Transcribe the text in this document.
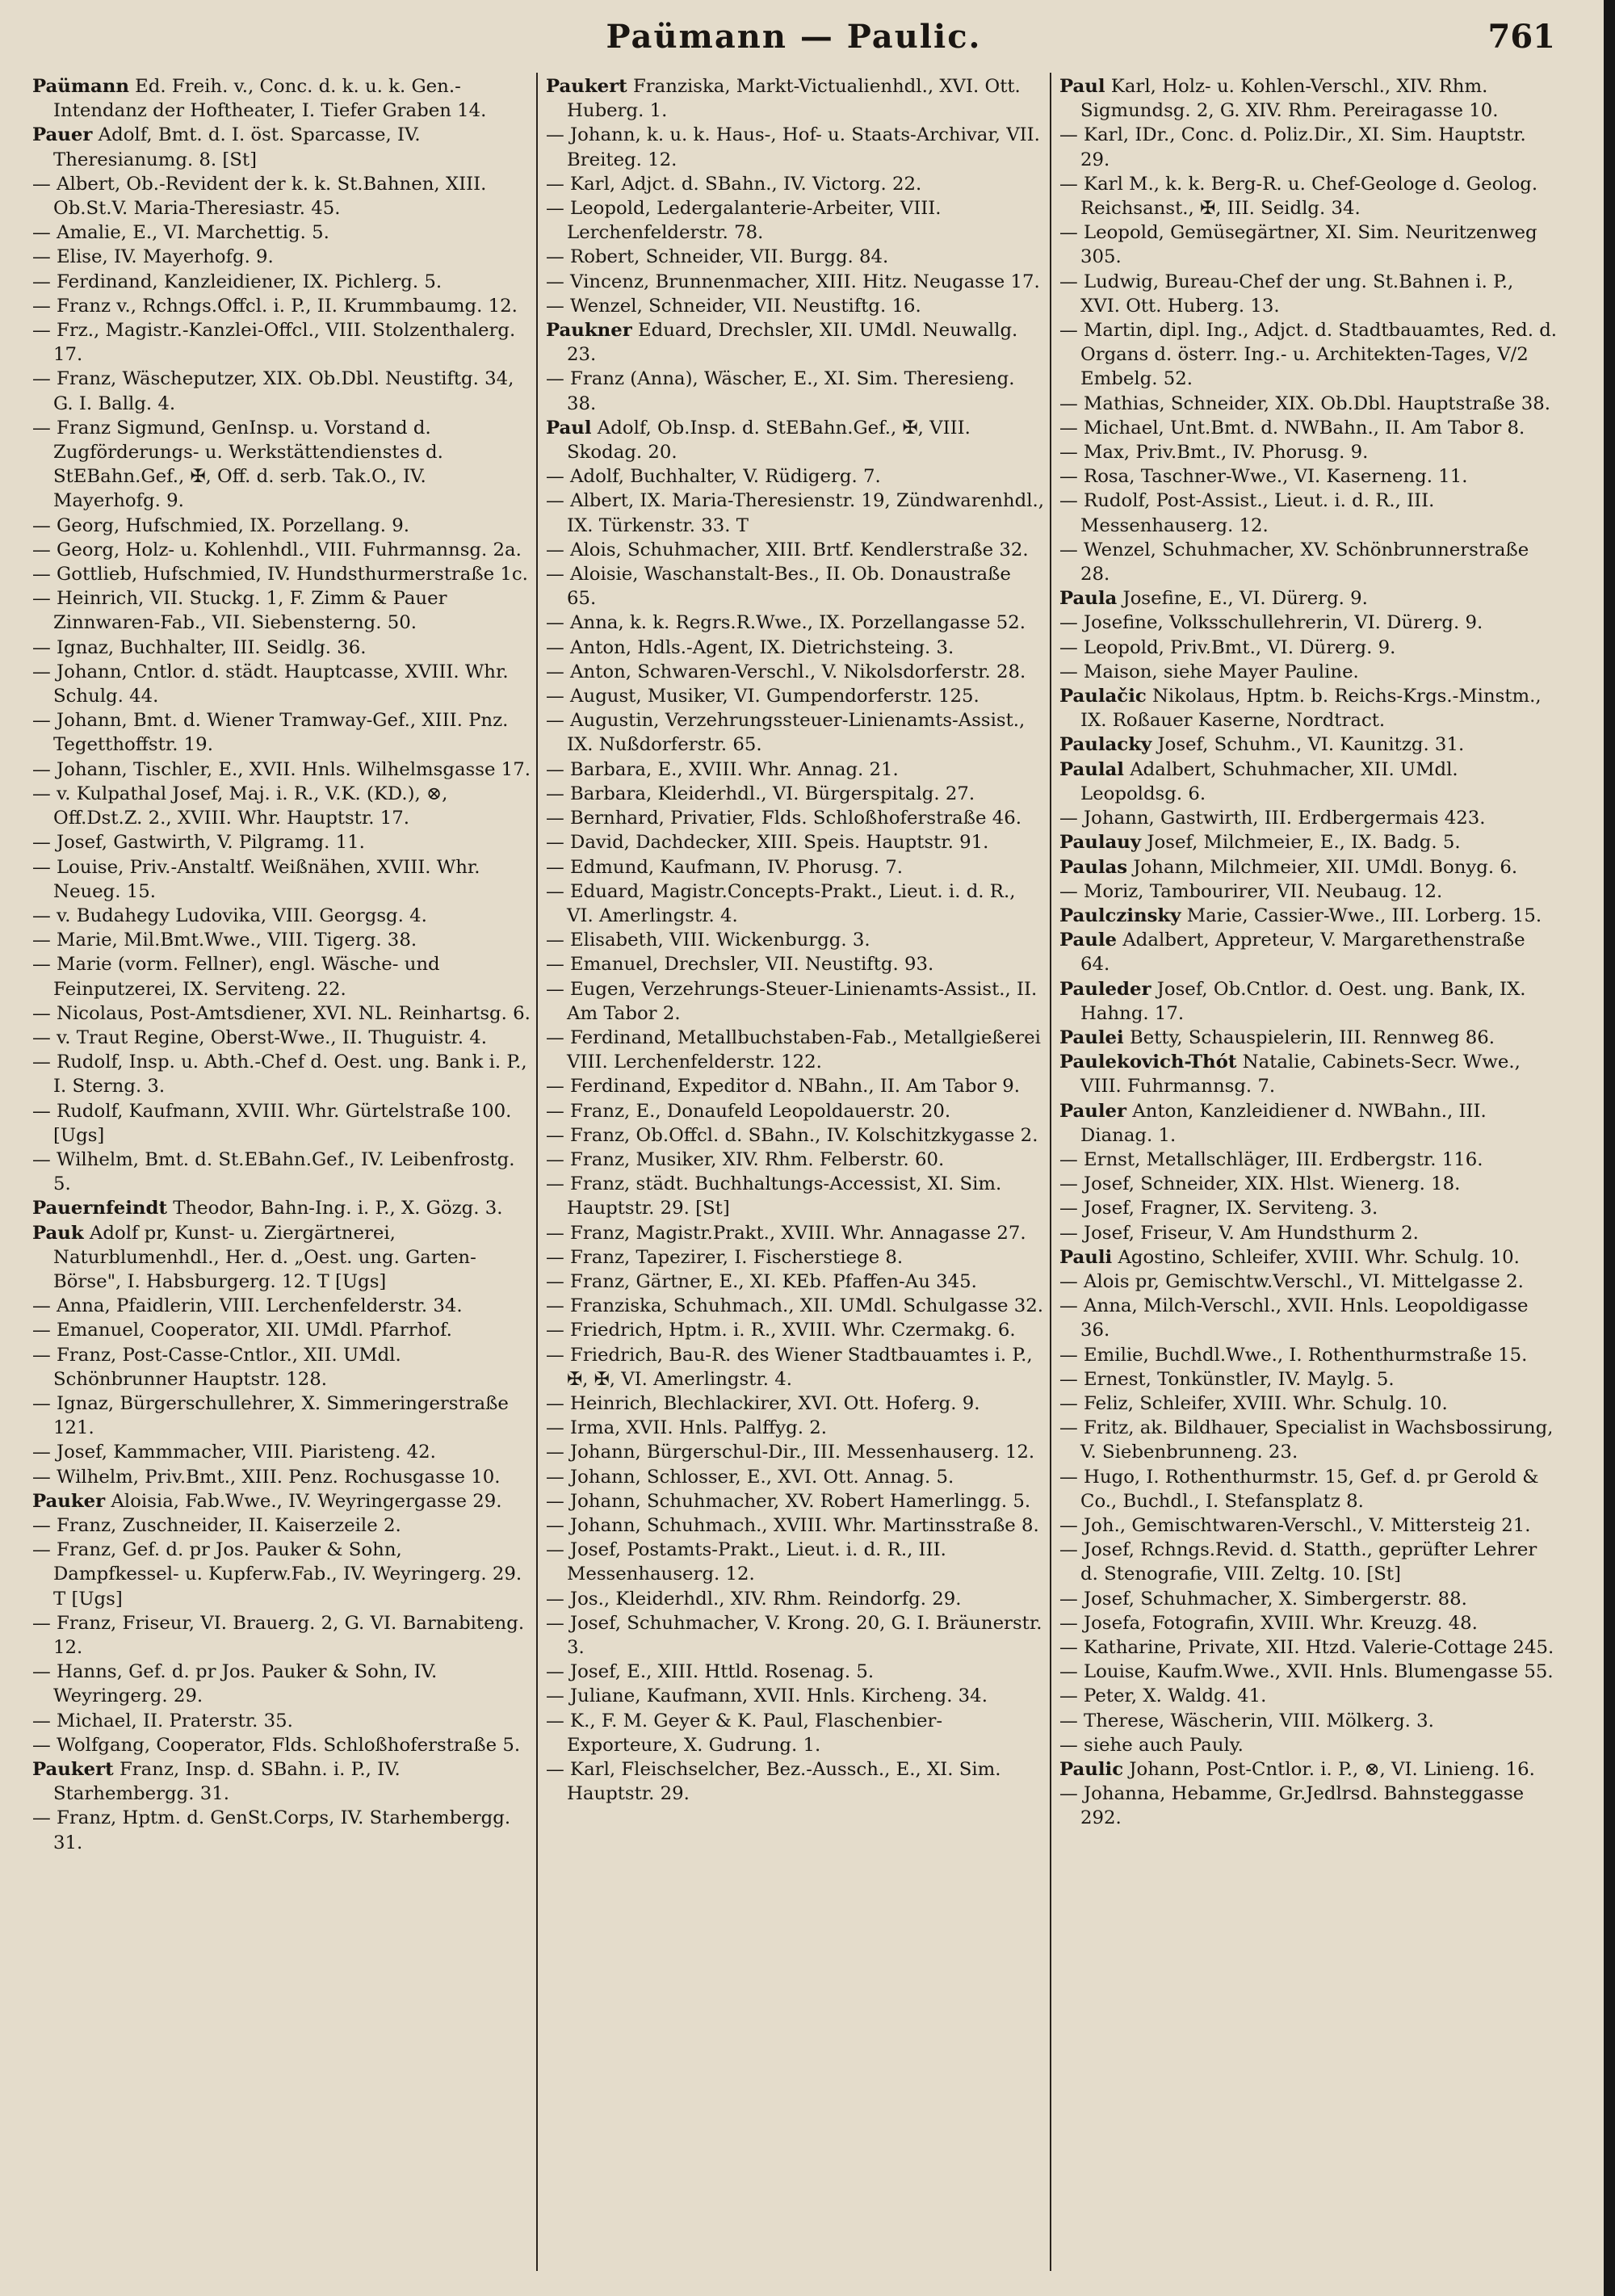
Paümann — Paulic.	761

Paümann Ed. Freih. v., Conc. d. k. u. k. Gen.-Intendanz der Hoftheater, I. Tiefer Graben 14.

Pauer Adolf, Bmt. d. I. öst. Sparcasse, IV. Theresianumg. 8. [St]

— Albert, Ob.-Revident der k. k. St.Bahnen, XIII. Ob.St.V. Maria-Theresiastr. 45.

— Amalie, E., VI. Marchettig. 5.

— Elise, IV. Mayerhofg. 9.

— Ferdinand, Kanzleidiener, IX. Pichlerg. 5.

— Franz v., Rchngs.Offcl. i. P., II. Krummbaumg. 12.

— Frz., Magistr.-Kanzlei-Offcl., VIII. Stolzenthalerg. 17.

— Franz, Wäscheputzer, XIX. Ob.Dbl. Neustiftg. 34, G. I. Ballg. 4.

— Franz Sigmund, GenInsp. u. Vorstand d. Zugförderungs- u. Werkstättendienstes d. StEBahn.Gef., ✠, Off. d. serb. Tak.O., IV. Mayerhofg. 9.

— Georg, Hufschmied, IX. Porzellang. 9.

— Georg, Holz- u. Kohlenhdl., VIII. Fuhrmannsg. 2a.

— Gottlieb, Hufschmied, IV. Hundsthurmerstraße 1c.

— Heinrich, VII. Stuckg. 1, F. Zimm & Pauer Zinnwaren-Fab., VII. Siebensterng. 50.

— Ignaz, Buchhalter, III. Seidlg. 36.

— Johann, Cntlor. d. städt. Hauptcasse, XVIII. Whr. Schulg. 44.

— Johann, Bmt. d. Wiener Tramway-Gef., XIII. Pnz. Tegetthoffstr. 19.

— Johann, Tischler, E., XVII. Hnls. Wilhelmsgasse 17.

— v. Kulpathal Josef, Maj. i. R., V.K. (KD.), ⊗, Off.Dst.Z. 2., XVIII. Whr. Hauptstr. 17.

— Josef, Gastwirth, V. Pilgramg. 11.

— Louise, Priv.-Anstaltf. Weißnähen, XVIII. Whr. Neueg. 15.

— v. Budahegy Ludovika, VIII. Georgsg. 4.

— Marie, Mil.Bmt.Wwe., VIII. Tigerg. 38.

— Marie (vorm. Fellner), engl. Wäsche- und Feinputzerei, IX. Serviteng. 22.

— Nicolaus, Post-Amtsdiener, XVI. NL. Reinhartsg. 6.

— v. Traut Regine, Oberst-Wwe., II. Thuguistr. 4.

— Rudolf, Insp. u. Abth.-Chef d. Oest. ung. Bank i. P., I. Sterng. 3.

— Rudolf, Kaufmann, XVIII. Whr. Gürtelstraße 100. [Ugs]

— Wilhelm, Bmt. d. St.EBahn.Gef., IV. Leibenfrostg. 5.

Pauernfeindt Theodor, Bahn-Ing. i. P., X. Gözg. 3.

Pauk Adolf pr, Kunst- u. Ziergärtnerei, Naturblumenhdl., Her. d. „Oest. ung. Garten-Börse", I. Habsburgerg. 12. T [Ugs]

— Anna, Pfaidlerin, VIII. Lerchenfelderstr. 34.

— Emanuel, Cooperator, XII. UMdl. Pfarrhof.

— Franz, Post-Casse-Cntlor., XII. UMdl. Schönbrunner Hauptstr. 128.

— Ignaz, Bürgerschullehrer, X. Simmeringerstraße 121.

— Josef, Kammmacher, VIII. Piaristeng. 42.

— Wilhelm, Priv.Bmt., XIII. Penz. Rochusgasse 10.

Pauker Aloisia, Fab.Wwe., IV. Weyringergasse 29.

— Franz, Zuschneider, II. Kaiserzeile 2.

— Franz, Gef. d. pr Jos. Pauker & Sohn, Dampfkessel- u. Kupferw.Fab., IV. Weyringerg. 29. T [Ugs]

— Franz, Friseur, VI. Brauerg. 2, G. VI. Barnabiteng. 12.

— Hanns, Gef. d. pr Jos. Pauker & Sohn, IV. Weyringerg. 29.

— Michael, II. Praterstr. 35.

— Wolfgang, Cooperator, Flds. Schloßhoferstraße 5.

Paukert Franz, Insp. d. SBahn. i. P., IV. Starhembergg. 31.

— Franz, Hptm. d. GenSt.Corps, IV. Starhembergg. 31.

Paukert Franziska, Markt-Victualienhdl., XVI. Ott. Huberg. 1.

— Johann, k. u. k. Haus-, Hof- u. Staats-Archivar, VII. Breiteg. 12.

— Karl, Adjct. d. SBahn., IV. Victorg. 22.

— Leopold, Ledergalanterie-Arbeiter, VIII. Lerchenfelderstr. 78.

— Robert, Schneider, VII. Burgg. 84.

— Vincenz, Brunnenmacher, XIII. Hitz. Neugasse 17.

— Wenzel, Schneider, VII. Neustiftg. 16.

Paukner Eduard, Drechsler, XII. UMdl. Neuwallg. 23.

— Franz (Anna), Wäscher, E., XI. Sim. Theresieng. 38.

Paul Adolf, Ob.Insp. d. StEBahn.Gef., ✠, VIII. Skodag. 20.

— Adolf, Buchhalter, V. Rüdigerg. 7.

— Albert, IX. Maria-Theresienstr. 19, Zündwarenhdl., IX. Türkenstr. 33. T

— Alois, Schuhmacher, XIII. Brtf. Kendlerstraße 32.

— Aloisie, Waschanstalt-Bes., II. Ob. Donaustraße 65.

— Anna, k. k. Regrs.R.Wwe., IX. Porzellangasse 52.

— Anton, Hdls.-Agent, IX. Dietrichsteing. 3.

— Anton, Schwaren-Verschl., V. Nikolsdorferstr. 28.

— August, Musiker, VI. Gumpendorferstr. 125.

— Augustin, Verzehrungssteuer-Linienamts-Assist., IX. Nußdorferstr. 65.

— Barbara, E., XVIII. Whr. Annag. 21.

— Barbara, Kleiderhdl., VI. Bürgerspitalg. 27.

— Bernhard, Privatier, Flds. Schloßhoferstraße 46.

— David, Dachdecker, XIII. Speis. Hauptstr. 91.

— Edmund, Kaufmann, IV. Phorusg. 7.

— Eduard, Magistr.Concepts-Prakt., Lieut. i. d. R., VI. Amerlingstr. 4.

— Elisabeth, VIII. Wickenburgg. 3.

— Emanuel, Drechsler, VII. Neustiftg. 93.

— Eugen, Verzehrungs-Steuer-Linienamts-Assist., II. Am Tabor 2.

— Ferdinand, Metallbuchstaben-Fab., Metallgießerei VIII. Lerchenfelderstr. 122.

— Ferdinand, Expeditor d. NBahn., II. Am Tabor 9.

— Franz, E., Donaufeld Leopoldauerstr. 20.

— Franz, Ob.Offcl. d. SBahn., IV. Kolschitzkygasse 2.

— Franz, Musiker, XIV. Rhm. Felberstr. 60.

— Franz, städt. Buchhaltungs-Accessist, XI. Sim. Hauptstr. 29. [St]

— Franz, Magistr.Prakt., XVIII. Whr. Annagasse 27.

— Franz, Tapezirer, I. Fischerstiege 8.

— Franz, Gärtner, E., XI. KEb. Pfaffen-Au 345.

— Franziska, Schuhmach., XII. UMdl. Schulgasse 32.

— Friedrich, Hptm. i. R., XVIII. Whr. Czermakg. 6.

— Friedrich, Bau-R. des Wiener Stadtbauamtes i. P., ✠, ✠, VI. Amerlingstr. 4.

— Heinrich, Blechlackirer, XVI. Ott. Hoferg. 9.

— Irma, XVII. Hnls. Palffyg. 2.

— Johann, Bürgerschul-Dir., III. Messenhauserg. 12.

— Johann, Schlosser, E., XVI. Ott. Annag. 5.

— Johann, Schuhmacher, XV. Robert Hamerlingg. 5.

— Johann, Schuhmach., XVIII. Whr. Martinsstraße 8.

— Josef, Postamts-Prakt., Lieut. i. d. R., III. Messenhauserg. 12.

— Jos., Kleiderhdl., XIV. Rhm. Reindorfg. 29.

— Josef, Schuhmacher, V. Krong. 20, G. I. Bräunerstr. 3.

— Josef, E., XIII. Httld. Rosenag. 5.

— Juliane, Kaufmann, XVII. Hnls. Kircheng. 34.

— K., F. M. Geyer & K. Paul, Flaschenbier-Exporteure, X. Gudrung. 1.

— Karl, Fleischselcher, Bez.-Aussch., E., XI. Sim. Hauptstr. 29.

Paul Karl, Holz- u. Kohlen-Verschl., XIV. Rhm. Sigmundsg. 2, G. XIV. Rhm. Pereiragasse 10.

— Karl, IDr., Conc. d. Poliz.Dir., XI. Sim. Hauptstr. 29.

— Karl M., k. k. Berg-R. u. Chef-Geologe d. Geolog. Reichsanst., ✠, III. Seidlg. 34.

— Leopold, Gemüsegärtner, XI. Sim. Neuritzenweg 305.

— Ludwig, Bureau-Chef der ung. St.Bahnen i. P., XVI. Ott. Huberg. 13.

— Martin, dipl. Ing., Adjct. d. Stadtbauamtes, Red. d. Organs d. österr. Ing.- u. Architekten-Tages, V/2 Embelg. 52.

— Mathias, Schneider, XIX. Ob.Dbl. Hauptstraße 38.

— Michael, Unt.Bmt. d. NWBahn., II. Am Tabor 8.

— Max, Priv.Bmt., IV. Phorusg. 9.

— Rosa, Taschner-Wwe., VI. Kaserneng. 11.

— Rudolf, Post-Assist., Lieut. i. d. R., III. Messenhauserg. 12.

— Wenzel, Schuhmacher, XV. Schönbrunnerstraße 28.

Paula Josefine, E., VI. Dürerg. 9.

— Josefine, Volksschullehrerin, VI. Dürerg. 9.

— Leopold, Priv.Bmt., VI. Dürerg. 9.

— Maison, siehe Mayer Pauline.

Paulačic Nikolaus, Hptm. b. Reichs-Krgs.-Minstm., IX. Roßauer Kaserne, Nordtract.

Paulacky Josef, Schuhm., VI. Kaunitzg. 31.

Paulal Adalbert, Schuhmacher, XII. UMdl. Leopoldsg. 6.

— Johann, Gastwirth, III. Erdbergermais 423.

Paulauy Josef, Milchmeier, E., IX. Badg. 5.

Paulas Johann, Milchmeier, XII. UMdl. Bonyg. 6.

— Moriz, Tambourirer, VII. Neubaug. 12.

Paulczinsky Marie, Cassier-Wwe., III. Lorberg. 15.

Paule Adalbert, Appreteur, V. Margarethenstraße 64.

Pauleder Josef, Ob.Cntlor. d. Oest. ung. Bank, IX. Hahng. 17.

Paulei Betty, Schauspielerin, III. Rennweg 86.

Paulekovich-Thót Natalie, Cabinets-Secr. Wwe., VIII. Fuhrmannsg. 7.

Pauler Anton, Kanzleidiener d. NWBahn., III. Dianag. 1.

— Ernst, Metallschläger, III. Erdbergstr. 116.

— Josef, Schneider, XIX. Hlst. Wienerg. 18.

— Josef, Fragner, IX. Serviteng. 3.

— Josef, Friseur, V. Am Hundsthurm 2.

Pauli Agostino, Schleifer, XVIII. Whr. Schulg. 10.

— Alois pr, Gemischtw.Verschl., VI. Mittelgasse 2.

— Anna, Milch-Verschl., XVII. Hnls. Leopoldigasse 36.

— Emilie, Buchdl.Wwe., I. Rothenthurmstraße 15.

— Ernest, Tonkünstler, IV. Maylg. 5.

— Feliz, Schleifer, XVIII. Whr. Schulg. 10.

— Fritz, ak. Bildhauer, Specialist in Wachsbossirung, V. Siebenbrunneng. 23.

— Hugo, I. Rothenthurmstr. 15, Gef. d. pr Gerold & Co., Buchdl., I. Stefansplatz 8.

— Joh., Gemischtwaren-Verschl., V. Mittersteig 21.

— Josef, Rchngs.Revid. d. Statth., geprüfter Lehrer d. Stenografie, VIII. Zeltg. 10. [St]

— Josef, Schuhmacher, X. Simbergerstr. 88.

— Josefa, Fotografin, XVIII. Whr. Kreuzg. 48.

— Katharine, Private, XII. Htzd. Valerie-Cottage 245.

— Louise, Kaufm.Wwe., XVII. Hnls. Blumengasse 55.

— Peter, X. Waldg. 41.

— Therese, Wäscherin, VIII. Mölkerg. 3.

— siehe auch Pauly.

Paulic Johann, Post-Cntlor. i. P., ⊗, VI. Linieng. 16.

— Johanna, Hebamme, Gr.Jedlrsd. Bahnsteggasse 292.
